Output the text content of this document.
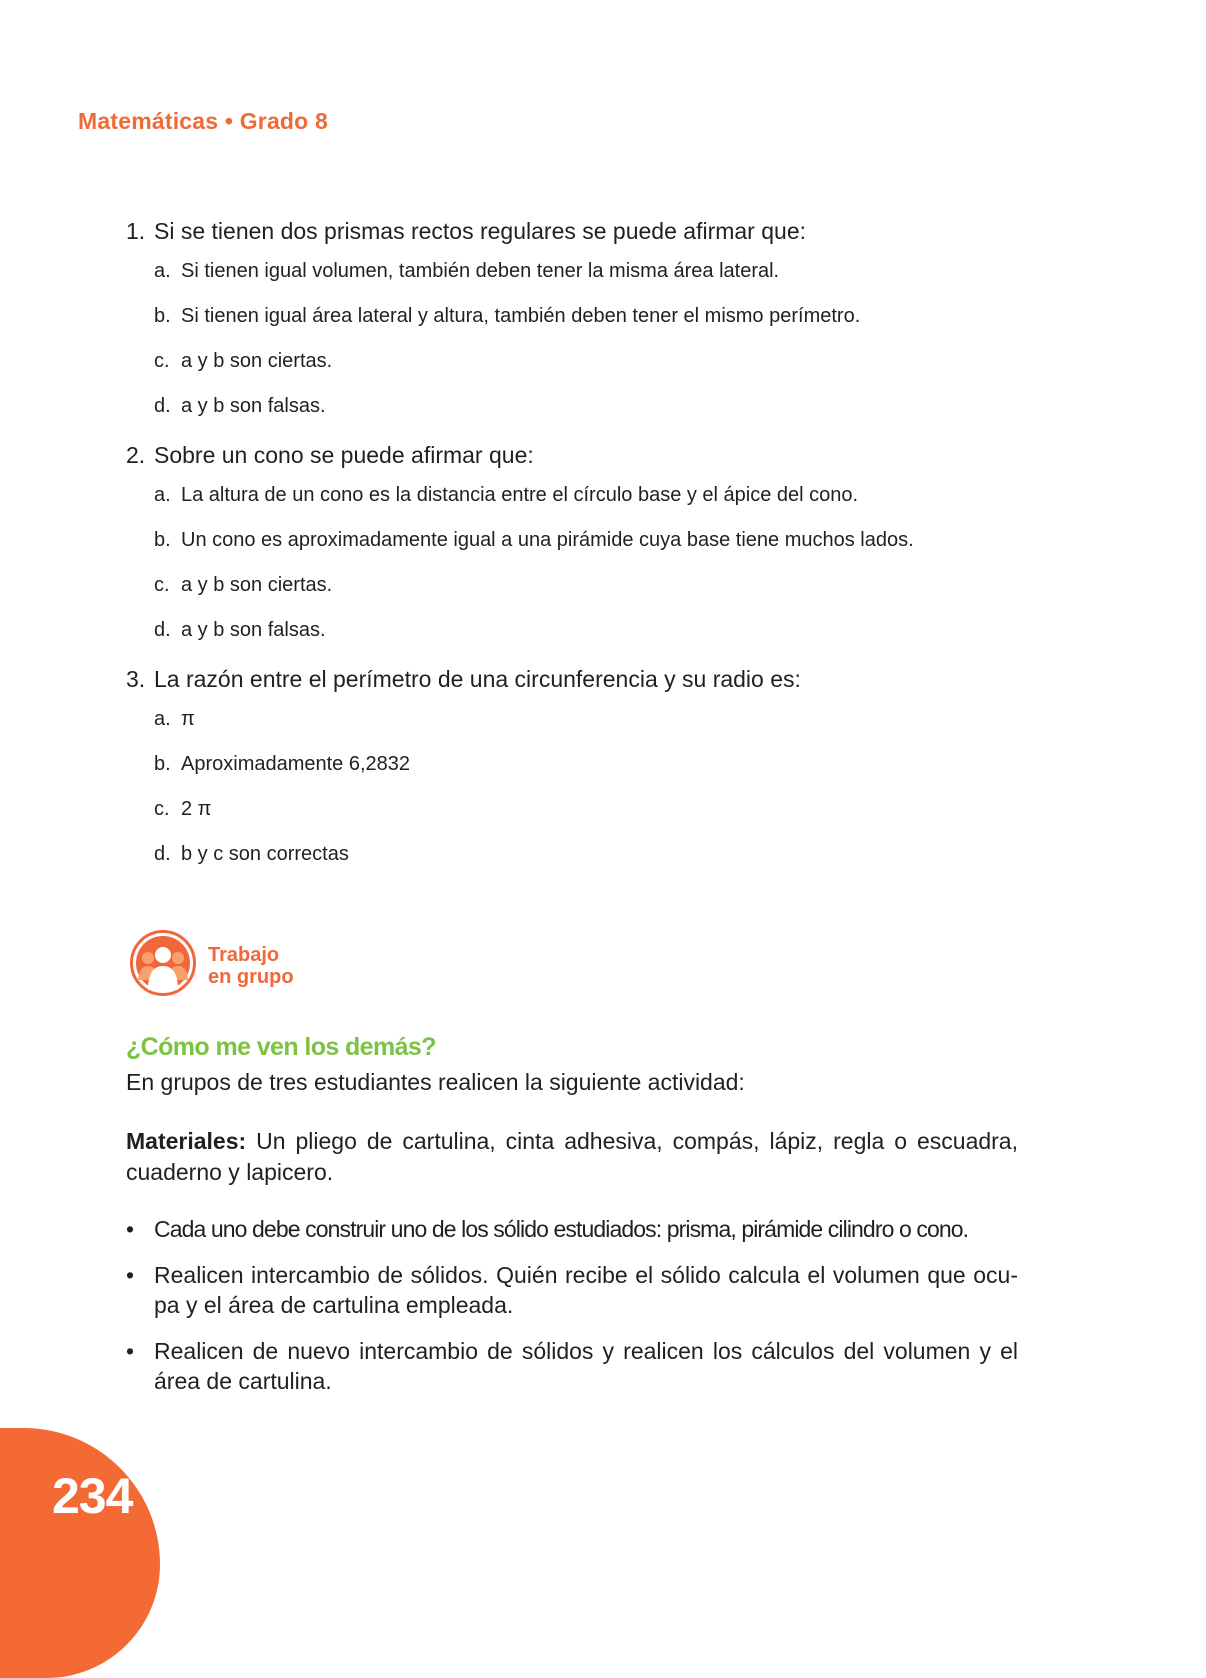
Matemáticas • Grado 8
1. Si se tienen dos prismas rectos regulares se puede afirmar que:
a. Si tienen igual volumen, también deben tener la misma área lateral.
b. Si tienen igual área lateral y altura, también deben tener el mismo perímetro.
c. a y b son ciertas.
d. a y b son falsas.
2. Sobre un cono se puede afirmar que:
a. La altura de un cono es la distancia entre el círculo base y el ápice del cono.
b. Un cono es aproximadamente igual a una pirámide cuya base tiene muchos lados.
c. a y b son ciertas.
d. a y b son falsas.
3. La razón entre el perímetro de una circunferencia y su radio es:
a. π
b. Aproximadamente 6,2832
c. 2 π
d. b y c son correctas
Trabajo
en grupo
¿Cómo me ven los demás?
En grupos de tres estudiantes realicen la siguiente actividad:
Materiales: Un pliego de cartulina, cinta adhesiva, compás, lápiz, regla o escuadra, cuaderno y lapicero.
• Cada uno debe construir uno de los sólido estudiados: prisma, pirámide cilindro o cono.
• Realicen intercambio de sólidos. Quién recibe el sólido calcula el volumen que ocu-pa y el área de cartulina empleada.
• Realicen de nuevo intercambio de sólidos y realicen los cálculos del volumen y el área de cartulina.
234
